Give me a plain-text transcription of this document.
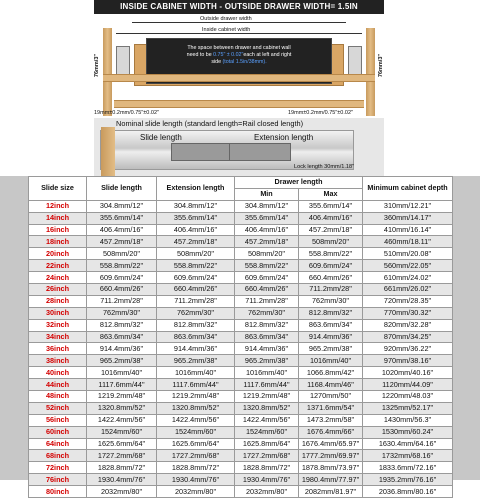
INSIDE CABINET WIDTH - OUTSIDE DRAWER WIDTH= 1.5IN
Outside drawer width
Inside cabinet width
The space between drawer and cabinet wall
need to be 0.75" ± 0.02"each at left and right
side (total 1.5in/38mm).
76mm/3"	76mm/3"
19mm±0.2mm/0.75"±0.02"	19mm±0.2mm/0.75"±0.02"
Nominal slide length (standard length=Rail closed length)
Slide length	Extension length
Lock length 30mm/1.18"
Slide size	Slide length	Extension length	Drawer length		Minimum cabinet depth
			Min	Max	
12inch	304.8mm/12"	304.8mm/12"	304.8mm/12"	355.6mm/14"	310mm/12.21"
14inch	355.6mm/14"	355.6mm/14"	355.6mm/14"	406.4mm/16"	360mm/14.17"
16inch	406.4mm/16"	406.4mm/16"	406.4mm/16"	457.2mm/18"	410mm/16.14"
18inch	457.2mm/18"	457.2mm/18"	457.2mm/18"	508mm/20"	460mm/18.11"
20inch	508mm/20"	508mm/20"	508mm/20"	558.8mm/22"	510mm/20.08"
22inch	558.8mm/22"	558.8mm/22"	558.8mm/22"	609.6mm/24"	560mm/22.05"
24inch	609.6mm/24"	609.6mm/24"	609.6mm/24"	660.4mm/26"	610mm/24.02"
26inch	660.4mm/26"	660.4mm/26"	660.4mm/26"	711.2mm/28"	661mm/26.02"
28inch	711.2mm/28"	711.2mm/28"	711.2mm/28"	762mm/30"	720mm/28.35"
30inch	762mm/30"	762mm/30"	762mm/30"	812.8mm/32"	770mm/30.32"
32inch	812.8mm/32"	812.8mm/32"	812.8mm/32"	863.6mm/34"	820mm/32.28"
34inch	863.6mm/34"	863.6mm/34"	863.6mm/34"	914.4mm/36"	870mm/34.25"
36inch	914.4mm/36"	914.4mm/36"	914.4mm/36"	965.2mm/38"	920mm/36.22"
38inch	965.2mm/38"	965.2mm/38"	965.2mm/38"	1016mm/40"	970mm/38.16"
40inch	1016mm/40"	1016mm/40"	1016mm/40"	1066.8mm/42"	1020mm/40.16"
44inch	1117.6mm/44"	1117.6mm/44"	1117.6mm/44"	1168.4mm/46"	1120mm/44.09"
48inch	1219.2mm/48"	1219.2mm/48"	1219.2mm/48"	1270mm/50"	1220mm/48.03"
52inch	1320.8mm/52"	1320.8mm/52"	1320.8mm/52"	1371.6mm/54"	1325mm/52.17"
56inch	1422.4mm/56"	1422.4mm/56"	1422.4mm/56"	1473.2mm/58"	1430mm/56.3"
60inch	1524mm/60"	1524mm/60"	1524mm/60"	1676.4mm/66"	1530mm/60.24"
64inch	1625.6mm/64"	1625.6mm/64"	1625.8mm/64"	1676.4mm/65.97"	1630.4mm/64.16"
68inch	1727.2mm/68"	1727.2mm/68"	1727.2mm/68"	1777.2mm/69.97"	1732mm/68.16"
72inch	1828.8mm/72"	1828.8mm/72"	1828.8mm/72"	1878.8mm/73.97"	1833.6mm/72.16"
76inch	1930.4mm/76"	1930.4mm/76"	1930.4mm/76"	1980.4mm/77.97"	1935.2mm/76.16"
80inch	2032mm/80"	2032mm/80"	2032mm/80"	2082mm/81.97"	2036.8mm/80.16"
